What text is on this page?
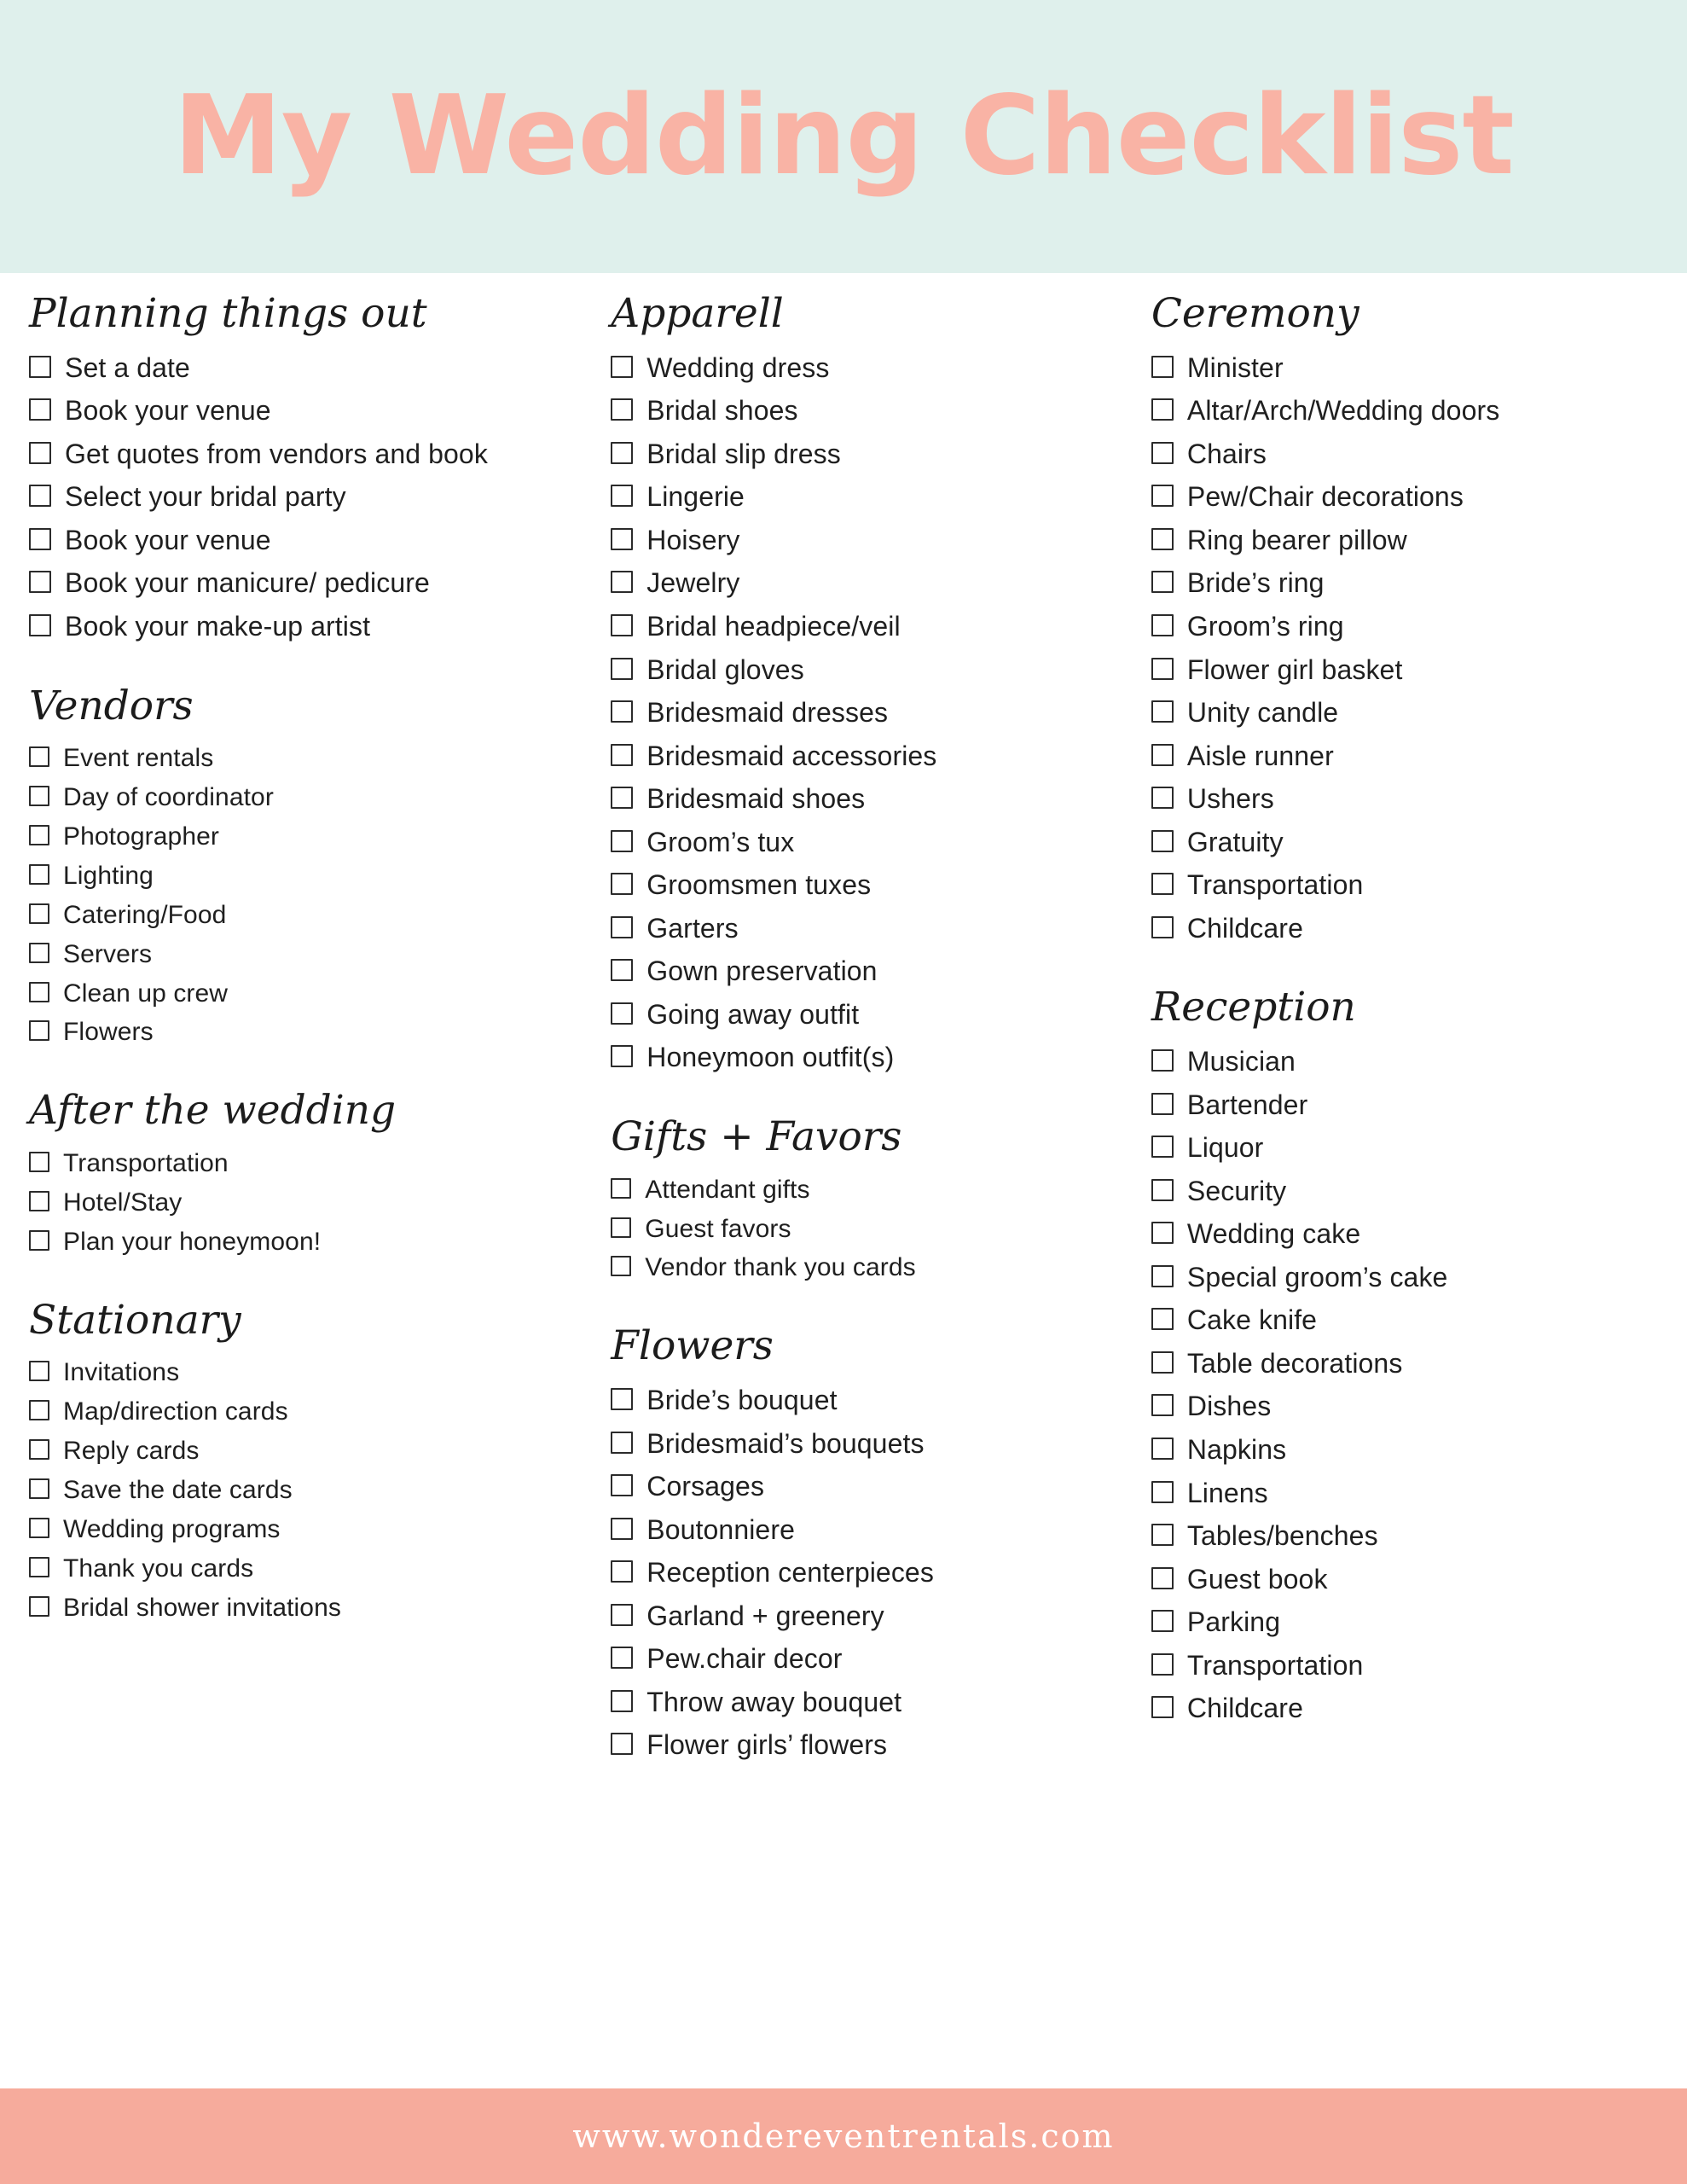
My Wedding Checklist
Planning things out
Set a date
Book your venue
Get quotes from vendors and book
Select your bridal party
Book your venue
Book your manicure/ pedicure
Book your make-up artist
Vendors
Event rentals
Day of coordinator
Photographer
Lighting
Catering/Food
Servers
Clean up crew
Flowers
After the wedding
Transportation
Hotel/Stay
Plan your honeymoon!
Stationary
Invitations
Map/direction cards
Reply cards
Save the date cards
Wedding programs
Thank you cards
Bridal shower invitations
Apparell
Wedding dress
Bridal shoes
Bridal slip dress
Lingerie
Hoisery
Jewelry
Bridal headpiece/veil
Bridal gloves
Bridesmaid dresses
Bridesmaid accessories
Bridesmaid shoes
Groom’s tux
Groomsmen tuxes
Garters
Gown preservation
Going away outfit
Honeymoon outfit(s)
Gifts + Favors
Attendant gifts
Guest favors
Vendor thank you cards
Flowers
Bride’s bouquet
Bridesmaid’s bouquets
Corsages
Boutonniere
Reception centerpieces
Garland + greenery
Pew.chair decor
Throw away bouquet
Flower girls’ flowers
Ceremony
Minister
Altar/Arch/Wedding doors
Chairs
Pew/Chair decorations
Ring bearer pillow
Bride’s ring
Groom’s ring
Flower girl basket
Unity candle
Aisle runner
Ushers
Gratuity
Transportation
Childcare
Reception
Musician
Bartender
Liquor
Security
Wedding cake
Special groom’s cake
Cake knife
Table decorations
Dishes
Napkins
Linens
Tables/benches
Guest book
Parking
Transportation
Childcare
www.wondereventrentals.com
